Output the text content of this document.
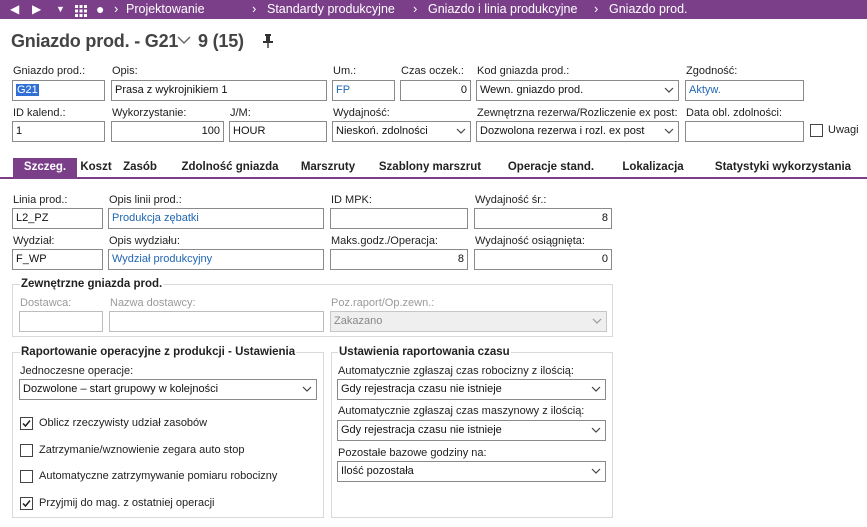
◀ ▶ ▼ ● › Projektowanie	› Standardy produkcyjne › Gniazdo i linia produkcyjne › Gniazdo prod.
Gniazdo prod. - G21 9 (15)
Gniazdo prod.:
G21
Opis:
Prasa z wykrojnikiem 1
Um.:
FP
Czas oczek.:
0
Kod gniazda prod.:
Wewn. gniazdo prod.
Zgodność:
Aktyw.
ID kalend.:
1
Wykorzystanie:
100
J/M:
HOUR
Wydajność:
Nieskoń. zdolności
Zewnętrzna rezerwa/Rozliczenie ex post:
Dozwolona rezerwa i rozl. ex post
Data obl. zdolności:
Uwagi
Szczeg.	Koszt Zasób	Zdolność gniazda	Marszruty	Szablony marszrut	Operacje stand.	Lokalizacja	Statystyki wykorzystania
Linia prod.:
L2_PZ
Opis linii prod.:
Produkcja zębatki
ID MPK:	Wydajność śr.:
8
Wydział:
F_WP
Opis wydziału:
Wydział produkcyjny
Maks.godz./Operacja:
8
Wydajność osiągnięta:
0
Zewnętrzne gniazda prod.
Dostawca:	Nazwa dostawcy:	Poz.raport/Op.zewn.:
Zakazano
Raportowanie operacyjne z produkcji - Ustawienia
Jednoczesne operacje:
Dozwolone – start grupowy w kolejności
Oblicz rzeczywisty udział zasobów
Zatrzymanie/wznowienie zegara auto stop
Automatyczne zatrzymywanie pomiaru robocizny
Przyjmij do mag. z ostatniej operacji
Ustawienia raportowania czasu
Automatycznie zgłaszaj czas robocizny z ilością:
Gdy rejestracja czasu nie istnieje
Automatycznie zgłaszaj czas maszynowy z ilością:
Gdy rejestracja czasu nie istnieje
Pozostałe bazowe godziny na:
Ilość pozostała
